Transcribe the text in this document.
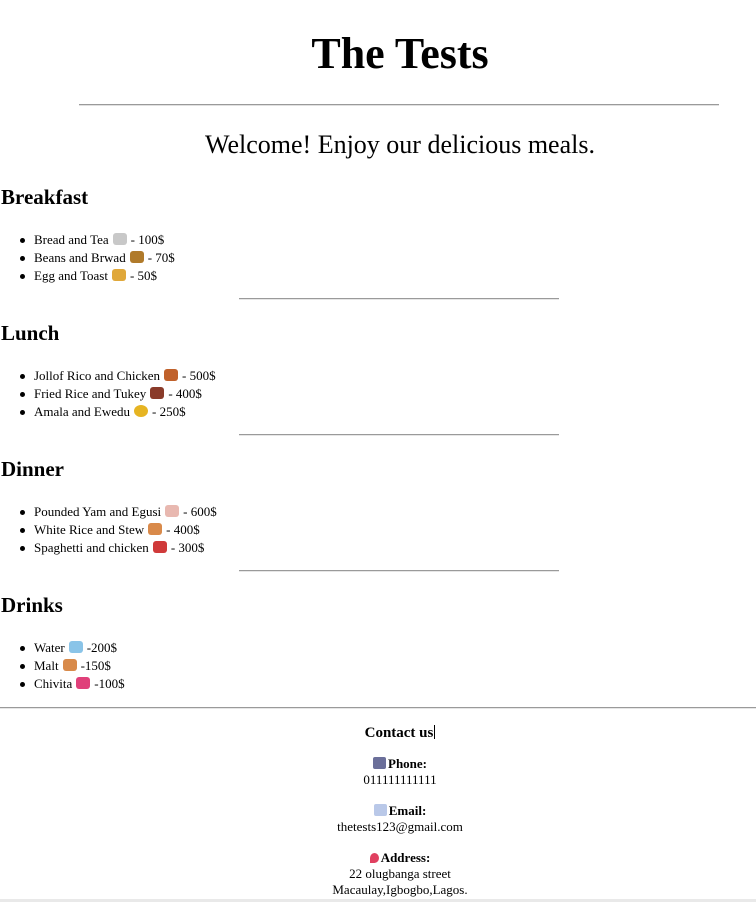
The Tests

Welcome! Enjoy our delicious meals.

Breakfast
Bread and Tea - 100$
Beans and Brwad - 70$
Egg and Toast - 50$
Lunch
Jollof Rico and Chicken - 500$
Fried Rice and Tukey - 400$
Amala and Ewedu - 250$
Dinner
Pounded Yam and Egusi - 600$
White Rice and Stew - 400$
Spaghetti and chicken - 300$
Drinks
Water -200$
Malt -150$
Chivita -100$

Contact us

Phone:
011111111111
Email:
thetests123@gmail.com
Address:
22 olugbanga street
Macaulay,Igbogbo,Lagos.
